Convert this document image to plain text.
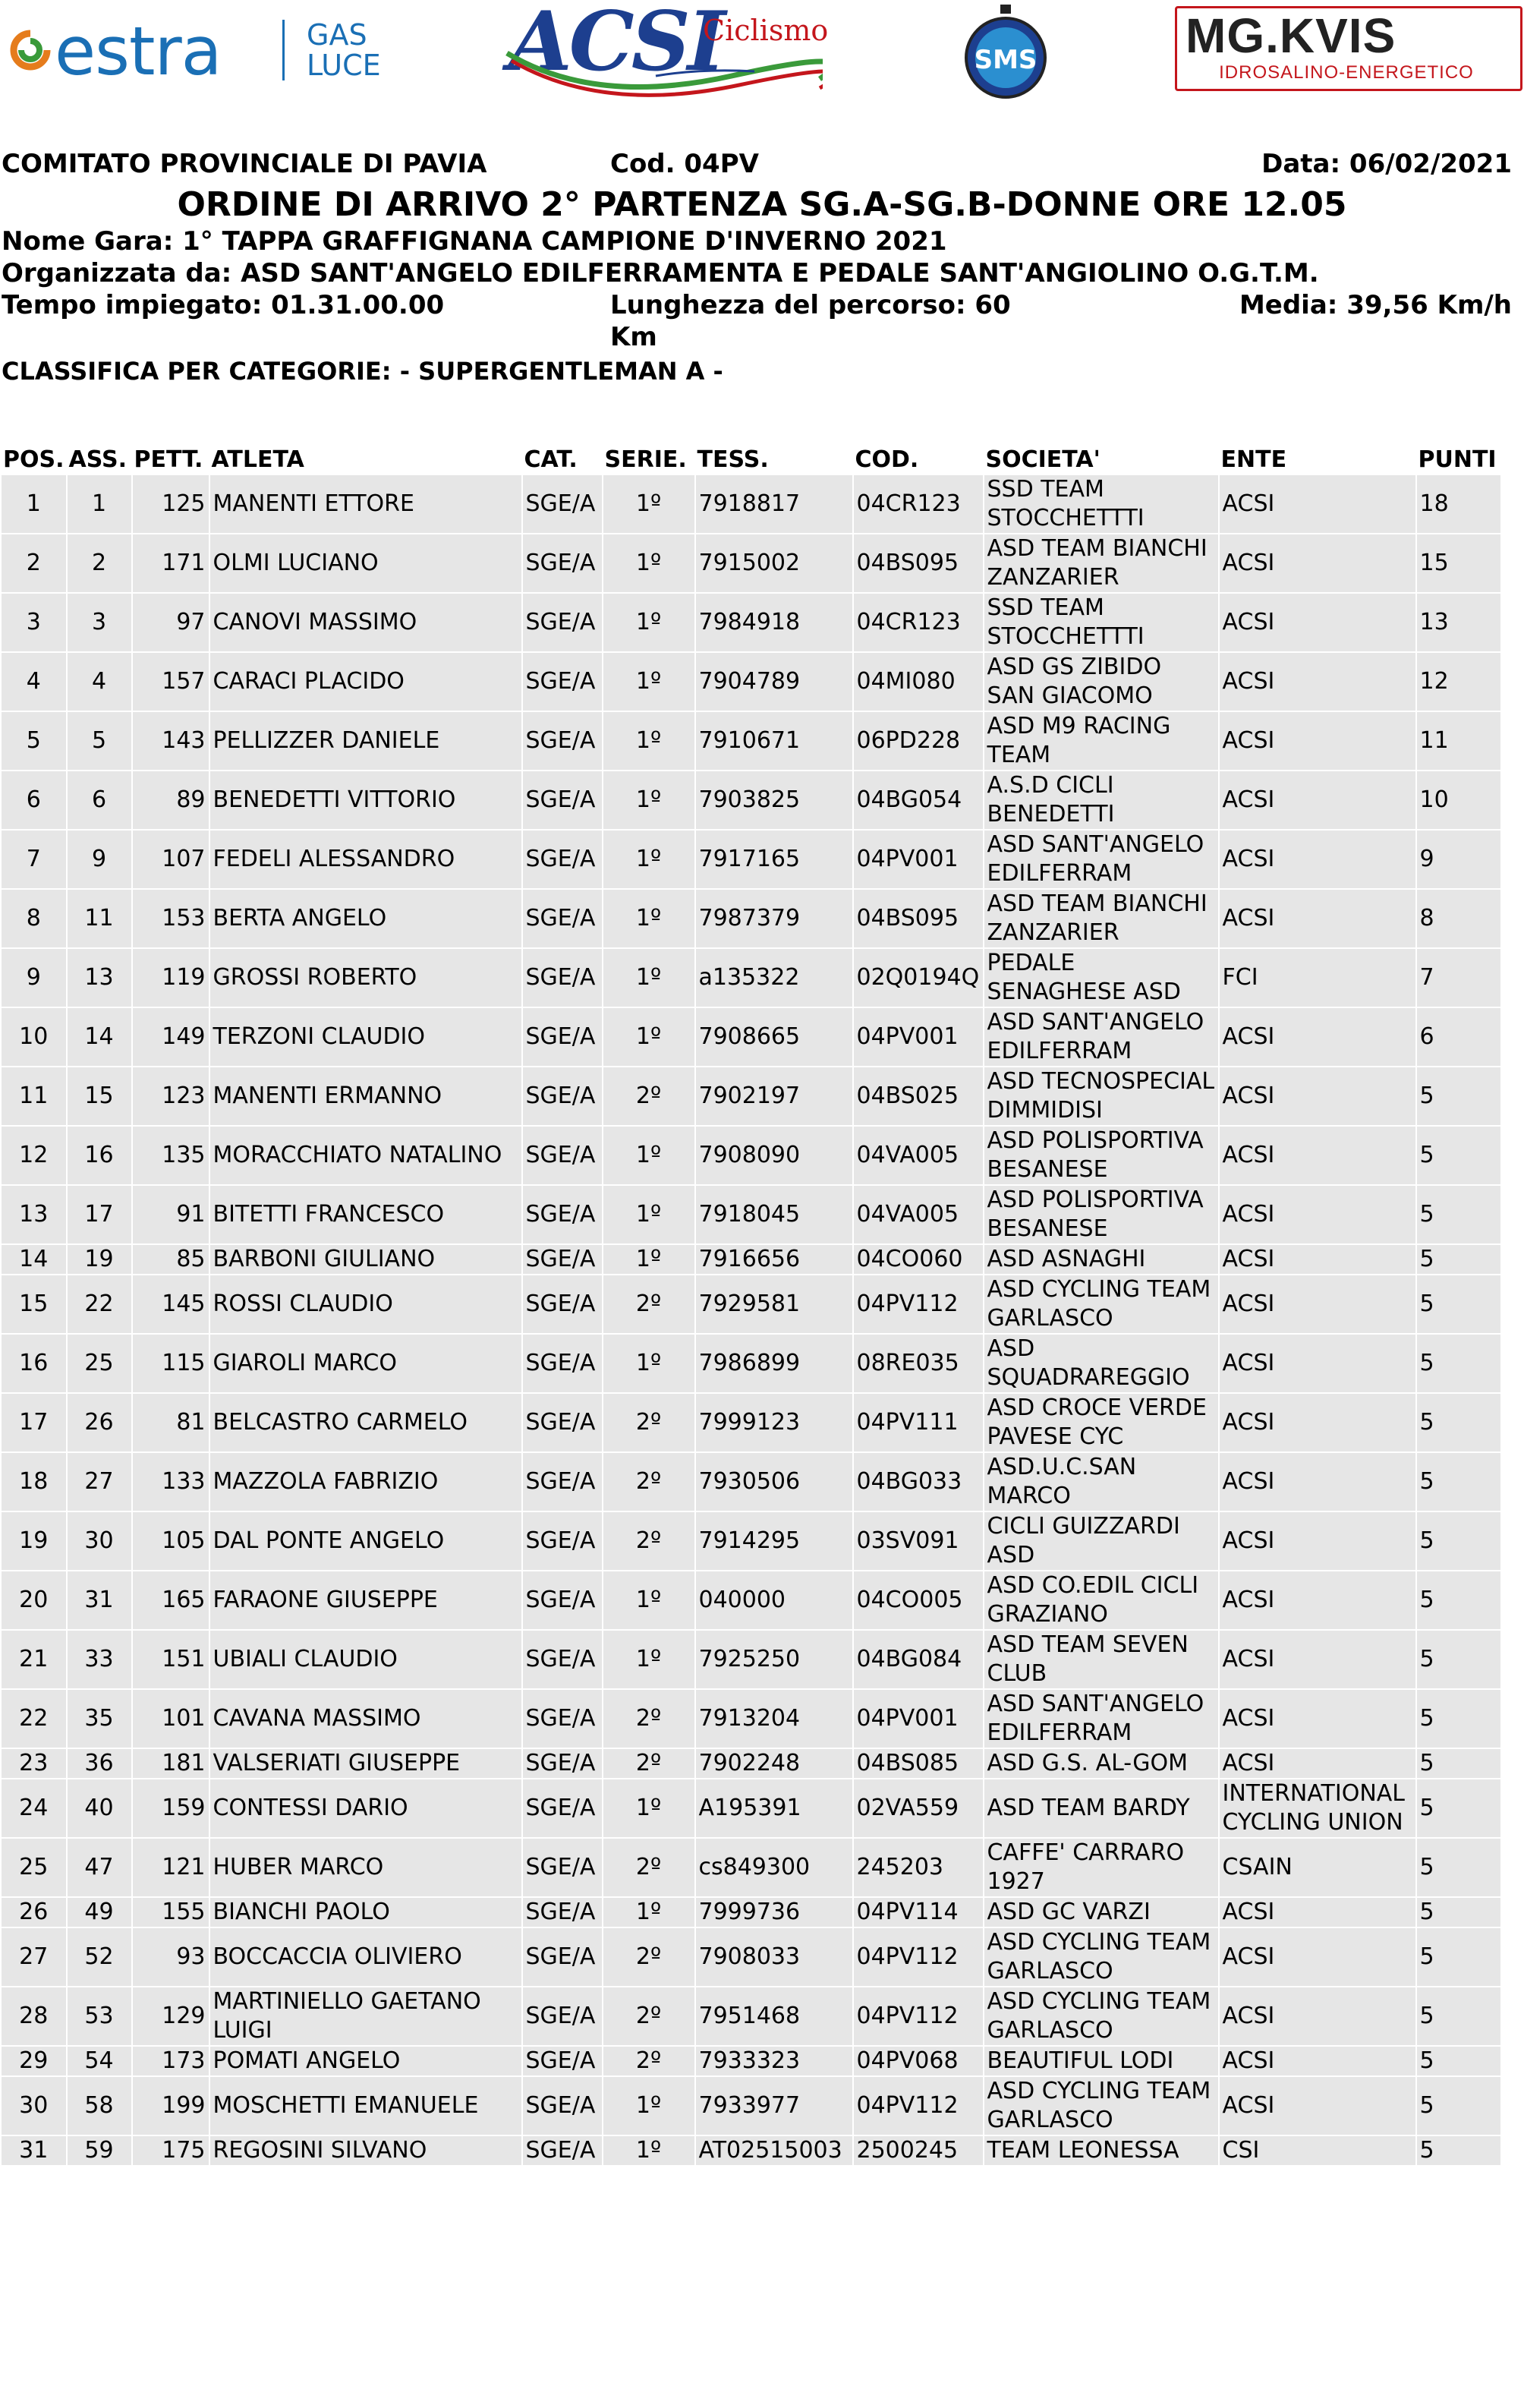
estra	GAS
LUCE ACSI
Ciclismo
SMS	MG.KVIS
IDROSALINO-ENERGETICO
COMITATO PROVINCIALE DI PAVIA	Cod. 04PV	Data: 06/02/2021
ORDINE DI ARRIVO 2° PARTENZA SG.A-SG.B-DONNE ORE 12.05
Nome Gara: 1° TAPPA GRAFFIGNANA CAMPIONE D'INVERNO 2021
Organizzata da: ASD SANT'ANGELO EDILFERRAMENTA E PEDALE SANT'ANGIOLINO O.G.T.M.
Tempo impiegato: 01.31.00.00	Lunghezza del percorso: 60
Km
Media: 39,56 Km/h
CLASSIFICA PER CATEGORIE: - SUPERGENTLEMAN A -
POS.	ASS.	PETT.	ATLETA	CAT.	SERIE.	TESS.	COD.	SOCIETA'	ENTE	PUNTI
1	1	125	MANENTI ETTORE	SGE/A	1º	7918817	04CR123	SSD TEAM STOCCHETTTI	ACSI	18
2	2	171	OLMI LUCIANO	SGE/A	1º	7915002	04BS095	ASD TEAM BIANCHI ZANZARIER	ACSI	15
3	3	97	CANOVI MASSIMO	SGE/A	1º	7984918	04CR123	SSD TEAM STOCCHETTTI	ACSI	13
4	4	157	CARACI PLACIDO	SGE/A	1º	7904789	04MI080	ASD GS ZIBIDO SAN GIACOMO	ACSI	12
5	5	143	PELLIZZER DANIELE	SGE/A	1º	7910671	06PD228	ASD M9 RACING TEAM	ACSI	11
6	6	89	BENEDETTI VITTORIO	SGE/A	1º	7903825	04BG054	A.S.D CICLI BENEDETTI	ACSI	10
7	9	107	FEDELI ALESSANDRO	SGE/A	1º	7917165	04PV001	ASD SANT'ANGELO EDILFERRAM	ACSI	9
8	11	153	BERTA ANGELO	SGE/A	1º	7987379	04BS095	ASD TEAM BIANCHI ZANZARIER	ACSI	8
9	13	119	GROSSI ROBERTO	SGE/A	1º	a135322	02Q0194Q	PEDALE SENAGHESE ASD	FCI	7
10	14	149	TERZONI CLAUDIO	SGE/A	1º	7908665	04PV001	ASD SANT'ANGELO EDILFERRAM	ACSI	6
11	15	123	MANENTI ERMANNO	SGE/A	2º	7902197	04BS025	ASD TECNOSPECIAL DIMMIDISI	ACSI	5
12	16	135	MORACCHIATO NATALINO	SGE/A	1º	7908090	04VA005	ASD POLISPORTIVA BESANESE	ACSI	5
13	17	91	BITETTI FRANCESCO	SGE/A	1º	7918045	04VA005	ASD POLISPORTIVA BESANESE	ACSI	5
14	19	85	BARBONI GIULIANO	SGE/A	1º	7916656	04CO060	ASD ASNAGHI	ACSI	5
15	22	145	ROSSI CLAUDIO	SGE/A	2º	7929581	04PV112	ASD CYCLING TEAM GARLASCO	ACSI	5
16	25	115	GIAROLI MARCO	SGE/A	1º	7986899	08RE035	ASD SQUADRAREGGIO	ACSI	5
17	26	81	BELCASTRO CARMELO	SGE/A	2º	7999123	04PV111	ASD CROCE VERDE PAVESE CYC	ACSI	5
18	27	133	MAZZOLA FABRIZIO	SGE/A	2º	7930506	04BG033	ASD.U.C.SAN MARCO	ACSI	5
19	30	105	DAL PONTE ANGELO	SGE/A	2º	7914295	03SV091	CICLI GUIZZARDI ASD	ACSI	5
20	31	165	FARAONE GIUSEPPE	SGE/A	1º	040000	04CO005	ASD CO.EDIL CICLI GRAZIANO	ACSI	5
21	33	151	UBIALI CLAUDIO	SGE/A	1º	7925250	04BG084	ASD TEAM SEVEN CLUB	ACSI	5
22	35	101	CAVANA MASSIMO	SGE/A	2º	7913204	04PV001	ASD SANT'ANGELO EDILFERRAM	ACSI	5
23	36	181	VALSERIATI GIUSEPPE	SGE/A	2º	7902248	04BS085	ASD G.S. AL-GOM	ACSI	5
24	40	159	CONTESSI DARIO	SGE/A	1º	A195391	02VA559	ASD TEAM BARDY	INTERNATIONAL CYCLING UNION	5
25	47	121	HUBER MARCO	SGE/A	2º	cs849300	245203	CAFFE' CARRARO 1927	CSAIN	5
26	49	155	BIANCHI PAOLO	SGE/A	1º	7999736	04PV114	ASD GC VARZI	ACSI	5
27	52	93	BOCCACCIA OLIVIERO	SGE/A	2º	7908033	04PV112	ASD CYCLING TEAM GARLASCO	ACSI	5
28	53	129	MARTINIELLO GAETANO LUIGI	SGE/A	2º	7951468	04PV112	ASD CYCLING TEAM GARLASCO	ACSI	5
29	54	173	POMATI ANGELO	SGE/A	2º	7933323	04PV068	BEAUTIFUL LODI	ACSI	5
30	58	199	MOSCHETTI EMANUELE	SGE/A	1º	7933977	04PV112	ASD CYCLING TEAM GARLASCO	ACSI	5
31	59	175	REGOSINI SILVANO	SGE/A	1º	AT02515003	2500245	TEAM LEONESSA	CSI	5
